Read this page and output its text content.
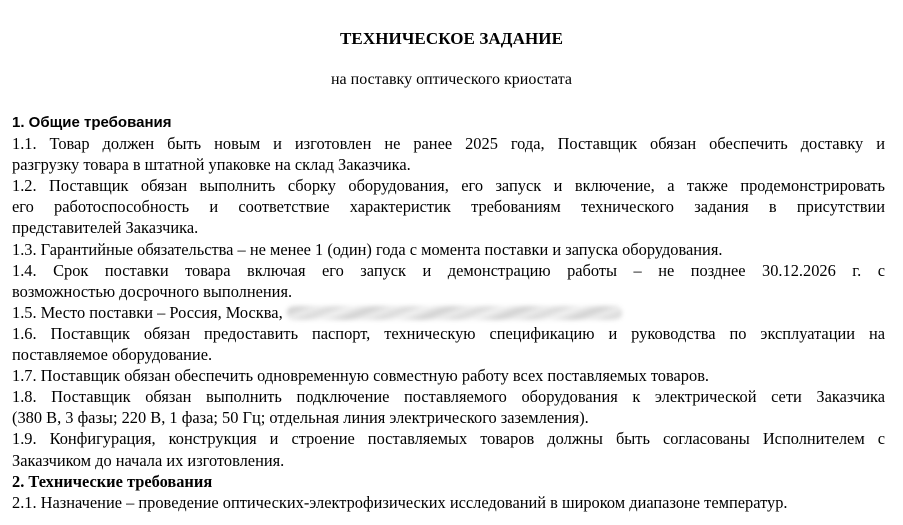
ТЕХНИЧЕСКОЕ ЗАДАНИЕ
на поставку оптического криостата
1. Общие требования
1.1. Товар должен быть новым и изготовлен не ранее 2025 года, Поставщик обязан обеспечить доставку и
разгрузку товара в штатной упаковке на склад Заказчика.
1.2. Поставщик обязан выполнить сборку оборудования, его запуск и включение, а также продемонстрировать
его работоспособность и соответствие характеристик требованиям технического задания в присутствии
представителей Заказчика.
1.3. Гарантийные обязательства – не менее 1 (один) года с момента поставки и запуска оборудования.
1.4. Срок поставки товара включая его запуск и демонстрацию работы – не позднее 30.12.2026 г. с
возможностью досрочного выполнения.
1.5. Место поставки – Россия, Москва,
1.6. Поставщик обязан предоставить паспорт, техническую спецификацию и руководства по эксплуатации на
поставляемое оборудование.
1.7. Поставщик обязан обеспечить одновременную совместную работу всех поставляемых товаров.
1.8. Поставщик обязан выполнить подключение поставляемого оборудования к электрической сети Заказчика
(380 В, 3 фазы; 220 В, 1 фаза; 50 Гц; отдельная линия электрического заземления).
1.9. Конфигурация, конструкция и строение поставляемых товаров должны быть согласованы Исполнителем с
Заказчиком до начала их изготовления.
2. Технические требования
2.1. Назначение – проведение оптических-электрофизических исследований в широком диапазоне температур.
